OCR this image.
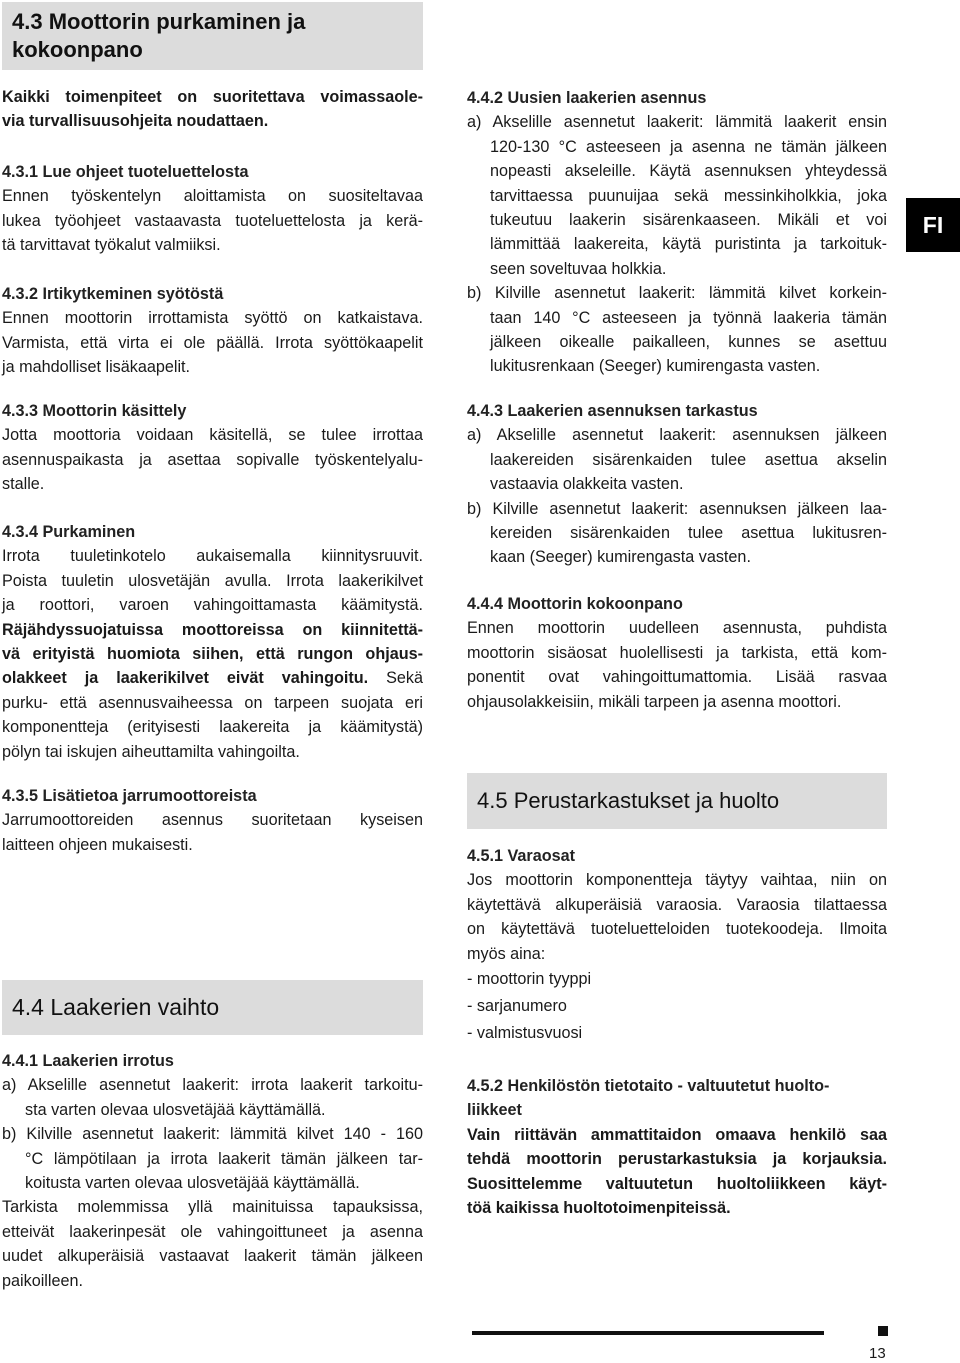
4.3 Moottorin purkaminen ja
kokoonpano
Kaikki toimenpiteet on suoritettava voimassaole-
via turvallisuusohjeita noudattaen.
4.3.1 Lue ohjeet tuoteluettelosta
Ennen työskentelyn aloittamista on suositeltavaa
lukea työohjeet vastaavasta tuoteluettelosta ja kerä-
tä tarvittavat työkalut valmiiksi.
4.3.2 Irtikytkeminen syötöstä
Ennen moottorin irrottamista syöttö on katkaistava.
Varmista, että virta ei ole päällä. Irrota syöttökaapelit
ja mahdolliset lisäkaapelit.
4.3.3 Moottorin käsittely
Jotta moottoria voidaan käsitellä, se tulee irrottaa
asennuspaikasta ja asettaa sopivalle työskentelyalu-
stalle.
4.3.4 Purkaminen
Irrota tuuletinkotelo aukaisemalla kiinnitysruuvit.
Poista tuuletin ulosvetäjän avulla. Irrota laakerikilvet
ja roottori, varoen vahingoittamasta käämitystä.
Räjähdyssuojatuissa moottoreissa on kiinnitettä-
vä erityistä huomiota siihen, että rungon ohjaus-
olakkeet ja laakerikilvet eivät vahingoitu. Sekä
purku- että asennusvaiheessa on tarpeen suojata eri
komponentteja (erityisesti laakereita ja käämitystä)
pölyn tai iskujen aiheuttamilta vahingoilta.
4.3.5 Lisätietoa jarrumoottoreista
Jarrumoottoreiden asennus suoritetaan kyseisen
laitteen ohjeen mukaisesti.
4.4 Laakerien vaihto
4.4.1 Laakerien irrotus
a) Akselille asennetut laakerit: irrota laakerit tarkoitu-
sta varten olevaa ulosvetäjää käyttämällä.
b) Kilville asennetut laakerit: lämmitä kilvet 140 - 160
°C lämpötilaan ja irrota laakerit tämän jälkeen tar-
koitusta varten olevaa ulosvetäjää käyttämällä.
Tarkista molemmissa yllä mainituissa tapauksissa,
etteivät laakerinpesät ole vahingoittuneet ja asenna
uudet alkuperäisiä vastaavat laakerit tämän jälkeen
paikoilleen.
4.4.2 Uusien laakerien asennus
a) Akselille asennetut laakerit: lämmitä laakerit ensin
120-130 °C asteeseen ja asenna ne tämän jälkeen
nopeasti akseleille. Käytä asennuksen yhteydessä
tarvittaessa puunuijaa sekä messinkiholkkia, joka
tukeutuu laakerin sisärenkaaseen. Mikäli et voi
lämmittää laakereita, käytä puristinta ja tarkoituk-
seen soveltuvaa holkkia.
b) Kilville asennetut laakerit: lämmitä kilvet korkein-
taan 140 °C asteeseen ja työnnä laakeria tämän
jälkeen oikealle paikalleen, kunnes se asettuu
lukitusrenkaan (Seeger) kumirengasta vasten.
4.4.3 Laakerien asennuksen tarkastus
a) Akselille asennetut laakerit: asennuksen jälkeen
laakereiden sisärenkaiden tulee asettua akselin
vastaavia olakkeita vasten.
b) Kilville asennetut laakerit: asennuksen jälkeen laa-
kereiden sisärenkaiden tulee asettua lukitusren-
kaan (Seeger) kumirengasta vasten.
4.4.4 Moottorin kokoonpano
Ennen moottorin uudelleen asennusta, puhdista
moottorin sisäosat huolellisesti ja tarkista, että kom-
ponentit ovat vahingoittumattomia. Lisää rasvaa
ohjausolakkeisiin, mikäli tarpeen ja asenna moottori.
4.5 Perustarkastukset ja huolto
4.5.1 Varaosat
Jos moottorin komponentteja täytyy vaihtaa, niin on
käytettävä alkuperäisiä varaosia. Varaosia tilattaessa
on käytettävä tuoteluetteloiden tuotekoodeja. Ilmoita
myös aina:
- moottorin tyyppi
- sarjanumero
- valmistusvuosi
4.5.2 Henkilöstön tietotaito - valtuutetut huolto-
liikkeet
Vain riittävän ammattitaidon omaava henkilö saa
tehdä moottorin perustarkastuksia ja korjauksia.
Suosittelemme valtuutetun huoltoliikkeen käyt-
töä kaikissa huoltotoimenpiteissä.
FI
13
